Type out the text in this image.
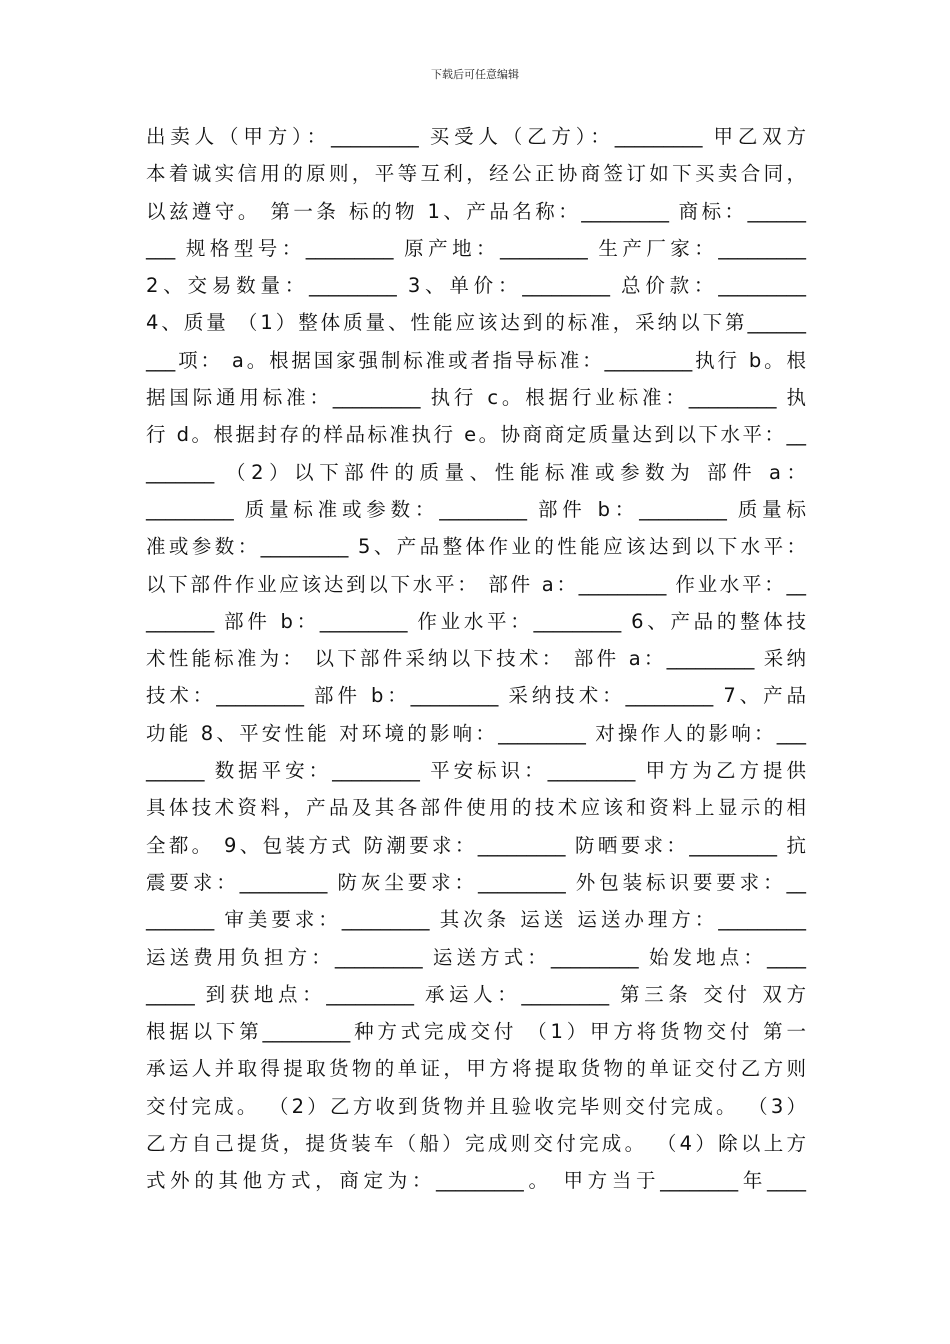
下载后可任意编辑
出卖人（甲方）：_________ 买受人（乙方）：_________ 甲乙双方
本着诚实信用的原则，平等互利，经公正协商签订如下买卖合同，
以兹遵守。 第一条 标的物 1、产品名称：_________ 商标：______
___ 规格型号：_________ 原产地：_________ 生产厂家：_________
2、交易数量：_________ 3、单价：_________ 总价款：_________
4、质量 （1）整体质量、性能应该达到的标准，采纳以下第______
___项： a。根据国家强制标准或者指导标准：_________执行 b。根
据国际通用标准：_________ 执行 c。根据行业标准：_________ 执
行 d。根据封存的样品标准执行 e。协商商定质量达到以下水平：__
_______ （2）以下部件的质量、性能标准或参数为 部件 a：
_________ 质量标准或参数：_________ 部件 b：_________ 质量标
准或参数：_________ 5、产品整体作业的性能应该达到以下水平：
以下部件作业应该达到以下水平： 部件 a：_________ 作业水平：__
_______ 部件 b：_________ 作业水平：_________ 6、产品的整体技
术性能标准为： 以下部件采纳以下技术： 部件 a：_________ 采纳
技术：_________ 部件 b：_________ 采纳技术：_________ 7、产品
功能 8、平安性能 对环境的影响：_________ 对操作人的影响：___
______ 数据平安：_________ 平安标识：_________ 甲方为乙方提供
具体技术资料，产品及其各部件使用的技术应该和资料上显示的相
全都。 9、包装方式 防潮要求：_________ 防晒要求：_________ 抗
震要求：_________ 防灰尘要求：_________ 外包装标识要要求：__
_______ 审美要求：_________ 其次条 运送 运送办理方：_________
运送费用负担方：_________ 运送方式：_________ 始发地点：____
_____ 到获地点：_________ 承运人：_________ 第三条 交付 双方
根据以下第_________种方式完成交付 （1）甲方将货物交付 第一
承运人并取得提取货物的单证，甲方将提取货物的单证交付乙方则
交付完成。 （2）乙方收到货物并且验收完毕则交付完成。 （3）
乙方自己提货，提货装车（船）完成则交付完成。 （4）除以上方
式外的其他方式，商定为：_________。 甲方当于________年____
